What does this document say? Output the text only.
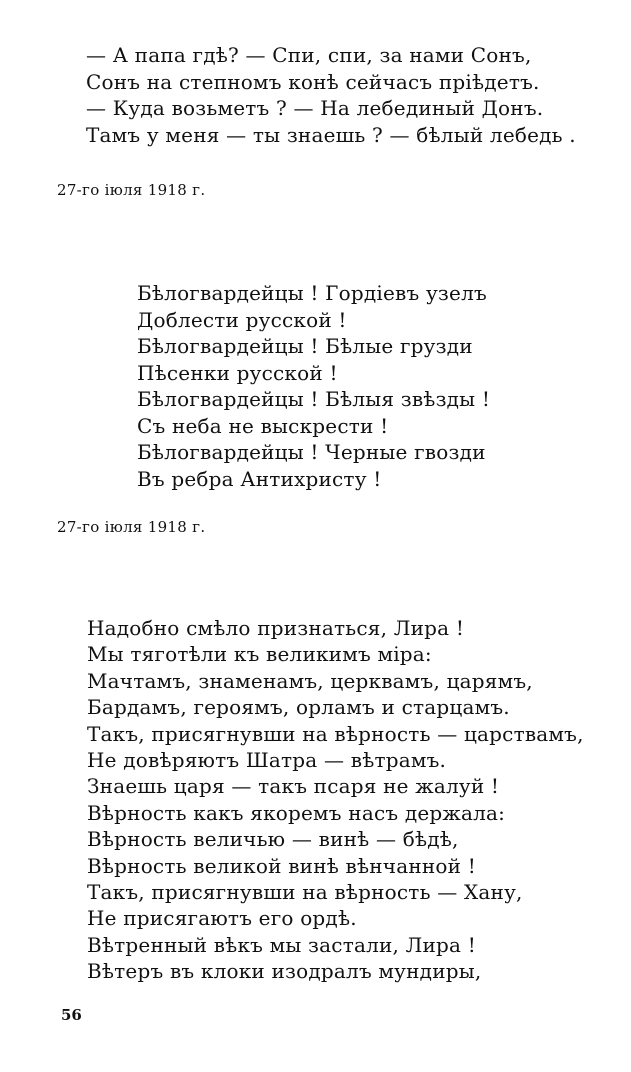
— А папа гдѣ? — Спи, спи, за нами Сонъ,
Сонъ на степномъ конѣ сейчасъ прiѣдетъ.
— Куда возьметъ ? — На лебединый Донъ.
Тамъ у меня — ты знаешь ? — бѣлый лебедь .
27-го iюля 1918 г.
Бѣлогвардейцы ! Гордiевъ узелъ
Доблести русской !
Бѣлогвардейцы ! Бѣлые грузди
Пѣсенки русской !
Бѣлогвардейцы ! Бѣлыя звѣзды !
Съ неба не выскрести !
Бѣлогвардейцы ! Черные гвозди
Въ ребра Антихристу !
27-го iюля 1918 г.
Надобно смѣло признаться, Лира !
Мы тяготѣли къ великимъ мiра:
Мачтамъ, знаменамъ, церквамъ, царямъ,
Бардамъ, героямъ, орламъ и старцамъ.
Такъ, присягнувши на вѣрность — царствамъ,
Не довѣряютъ Шатра — вѣтрамъ.
Знаешь царя — такъ псаря не жалуй !
Вѣрность какъ якоремъ насъ держала:
Вѣрность величью — винѣ — бѣдѣ,
Вѣрность великой винѣ вѣнчанной !
Такъ, присягнувши на вѣрность — Хану,
Не присягаютъ его ордѣ.
Вѣтренный вѣкъ мы застали, Лира !
Вѣтеръ въ клоки изодралъ мундиры,
56
